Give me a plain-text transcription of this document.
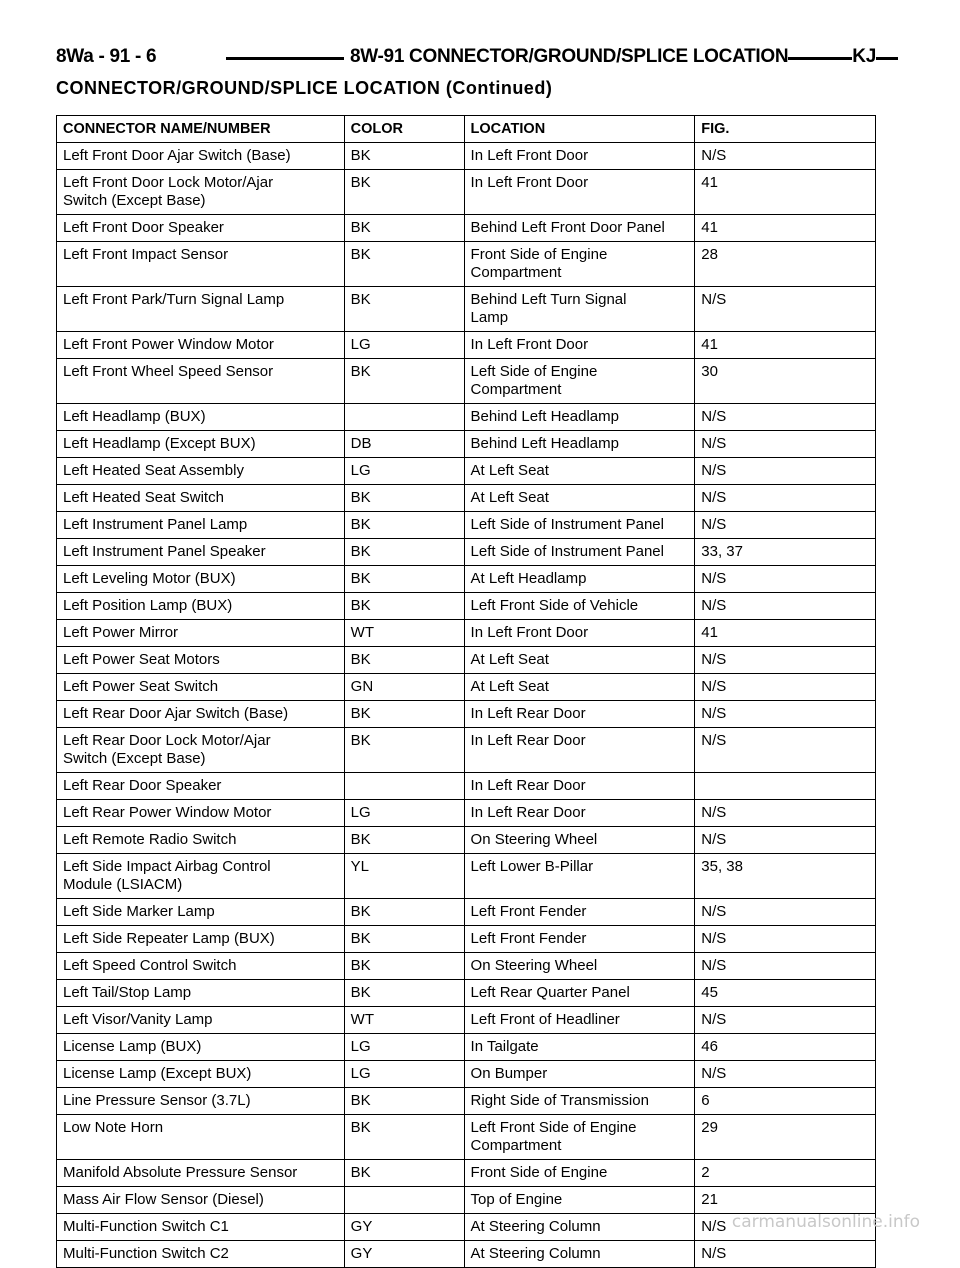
8Wa - 91 - 6	8W-91 CONNECTOR/GROUND/SPLICE LOCATION	KJ
CONNECTOR/GROUND/SPLICE LOCATION (Continued)
CONNECTOR NAME/NUMBER	COLOR	LOCATION	FIG.
Left Front Door Ajar Switch (Base)	BK	In Left Front Door	N/S
Left Front Door Lock Motor/Ajar
Switch (Except Base)	BK	In Left Front Door	41
Left Front Door Speaker	BK	Behind Left Front Door Panel	41
Left Front Impact Sensor	BK	Front Side of Engine
Compartment	28
Left Front Park/Turn Signal Lamp	BK	Behind Left Turn Signal
Lamp	N/S
Left Front Power Window Motor	LG	In Left Front Door	41
Left Front Wheel Speed Sensor	BK	Left Side of Engine
Compartment	30
Left Headlamp (BUX)		Behind Left Headlamp	N/S
Left Headlamp (Except BUX)	DB	Behind Left Headlamp	N/S
Left Heated Seat Assembly	LG	At Left Seat	N/S
Left Heated Seat Switch	BK	At Left Seat	N/S
Left Instrument Panel Lamp	BK	Left Side of Instrument Panel	N/S
Left Instrument Panel Speaker	BK	Left Side of Instrument Panel	33, 37
Left Leveling Motor (BUX)	BK	At Left Headlamp	N/S
Left Position Lamp (BUX)	BK	Left Front Side of Vehicle	N/S
Left Power Mirror	WT	In Left Front Door	41
Left Power Seat Motors	BK	At Left Seat	N/S
Left Power Seat Switch	GN	At Left Seat	N/S
Left Rear Door Ajar Switch (Base)	BK	In Left Rear Door	N/S
Left Rear Door Lock Motor/Ajar
Switch (Except Base)	BK	In Left Rear Door	N/S
Left Rear Door Speaker		In Left Rear Door	
Left Rear Power Window Motor	LG	In Left Rear Door	N/S
Left Remote Radio Switch	BK	On Steering Wheel	N/S
Left Side Impact Airbag Control
Module (LSIACM)	YL	Left Lower B-Pillar	35, 38
Left Side Marker Lamp	BK	Left Front Fender	N/S
Left Side Repeater Lamp (BUX)	BK	Left Front Fender	N/S
Left Speed Control Switch	BK	On Steering Wheel	N/S
Left Tail/Stop Lamp	BK	Left Rear Quarter Panel	45
Left Visor/Vanity Lamp	WT	Left Front of Headliner	N/S
License Lamp (BUX)	LG	In Tailgate	46
License Lamp (Except BUX)	LG	On Bumper	N/S
Line Pressure Sensor (3.7L)	BK	Right Side of Transmission	6
Low Note Horn	BK	Left Front Side of Engine
Compartment	29
Manifold Absolute Pressure Sensor	BK	Front Side of Engine	2
Mass Air Flow Sensor (Diesel)		Top of Engine	21
Multi-Function Switch C1	GY	At Steering Column	N/S
Multi-Function Switch C2	GY	At Steering Column	N/S
carmanualsonline.info
